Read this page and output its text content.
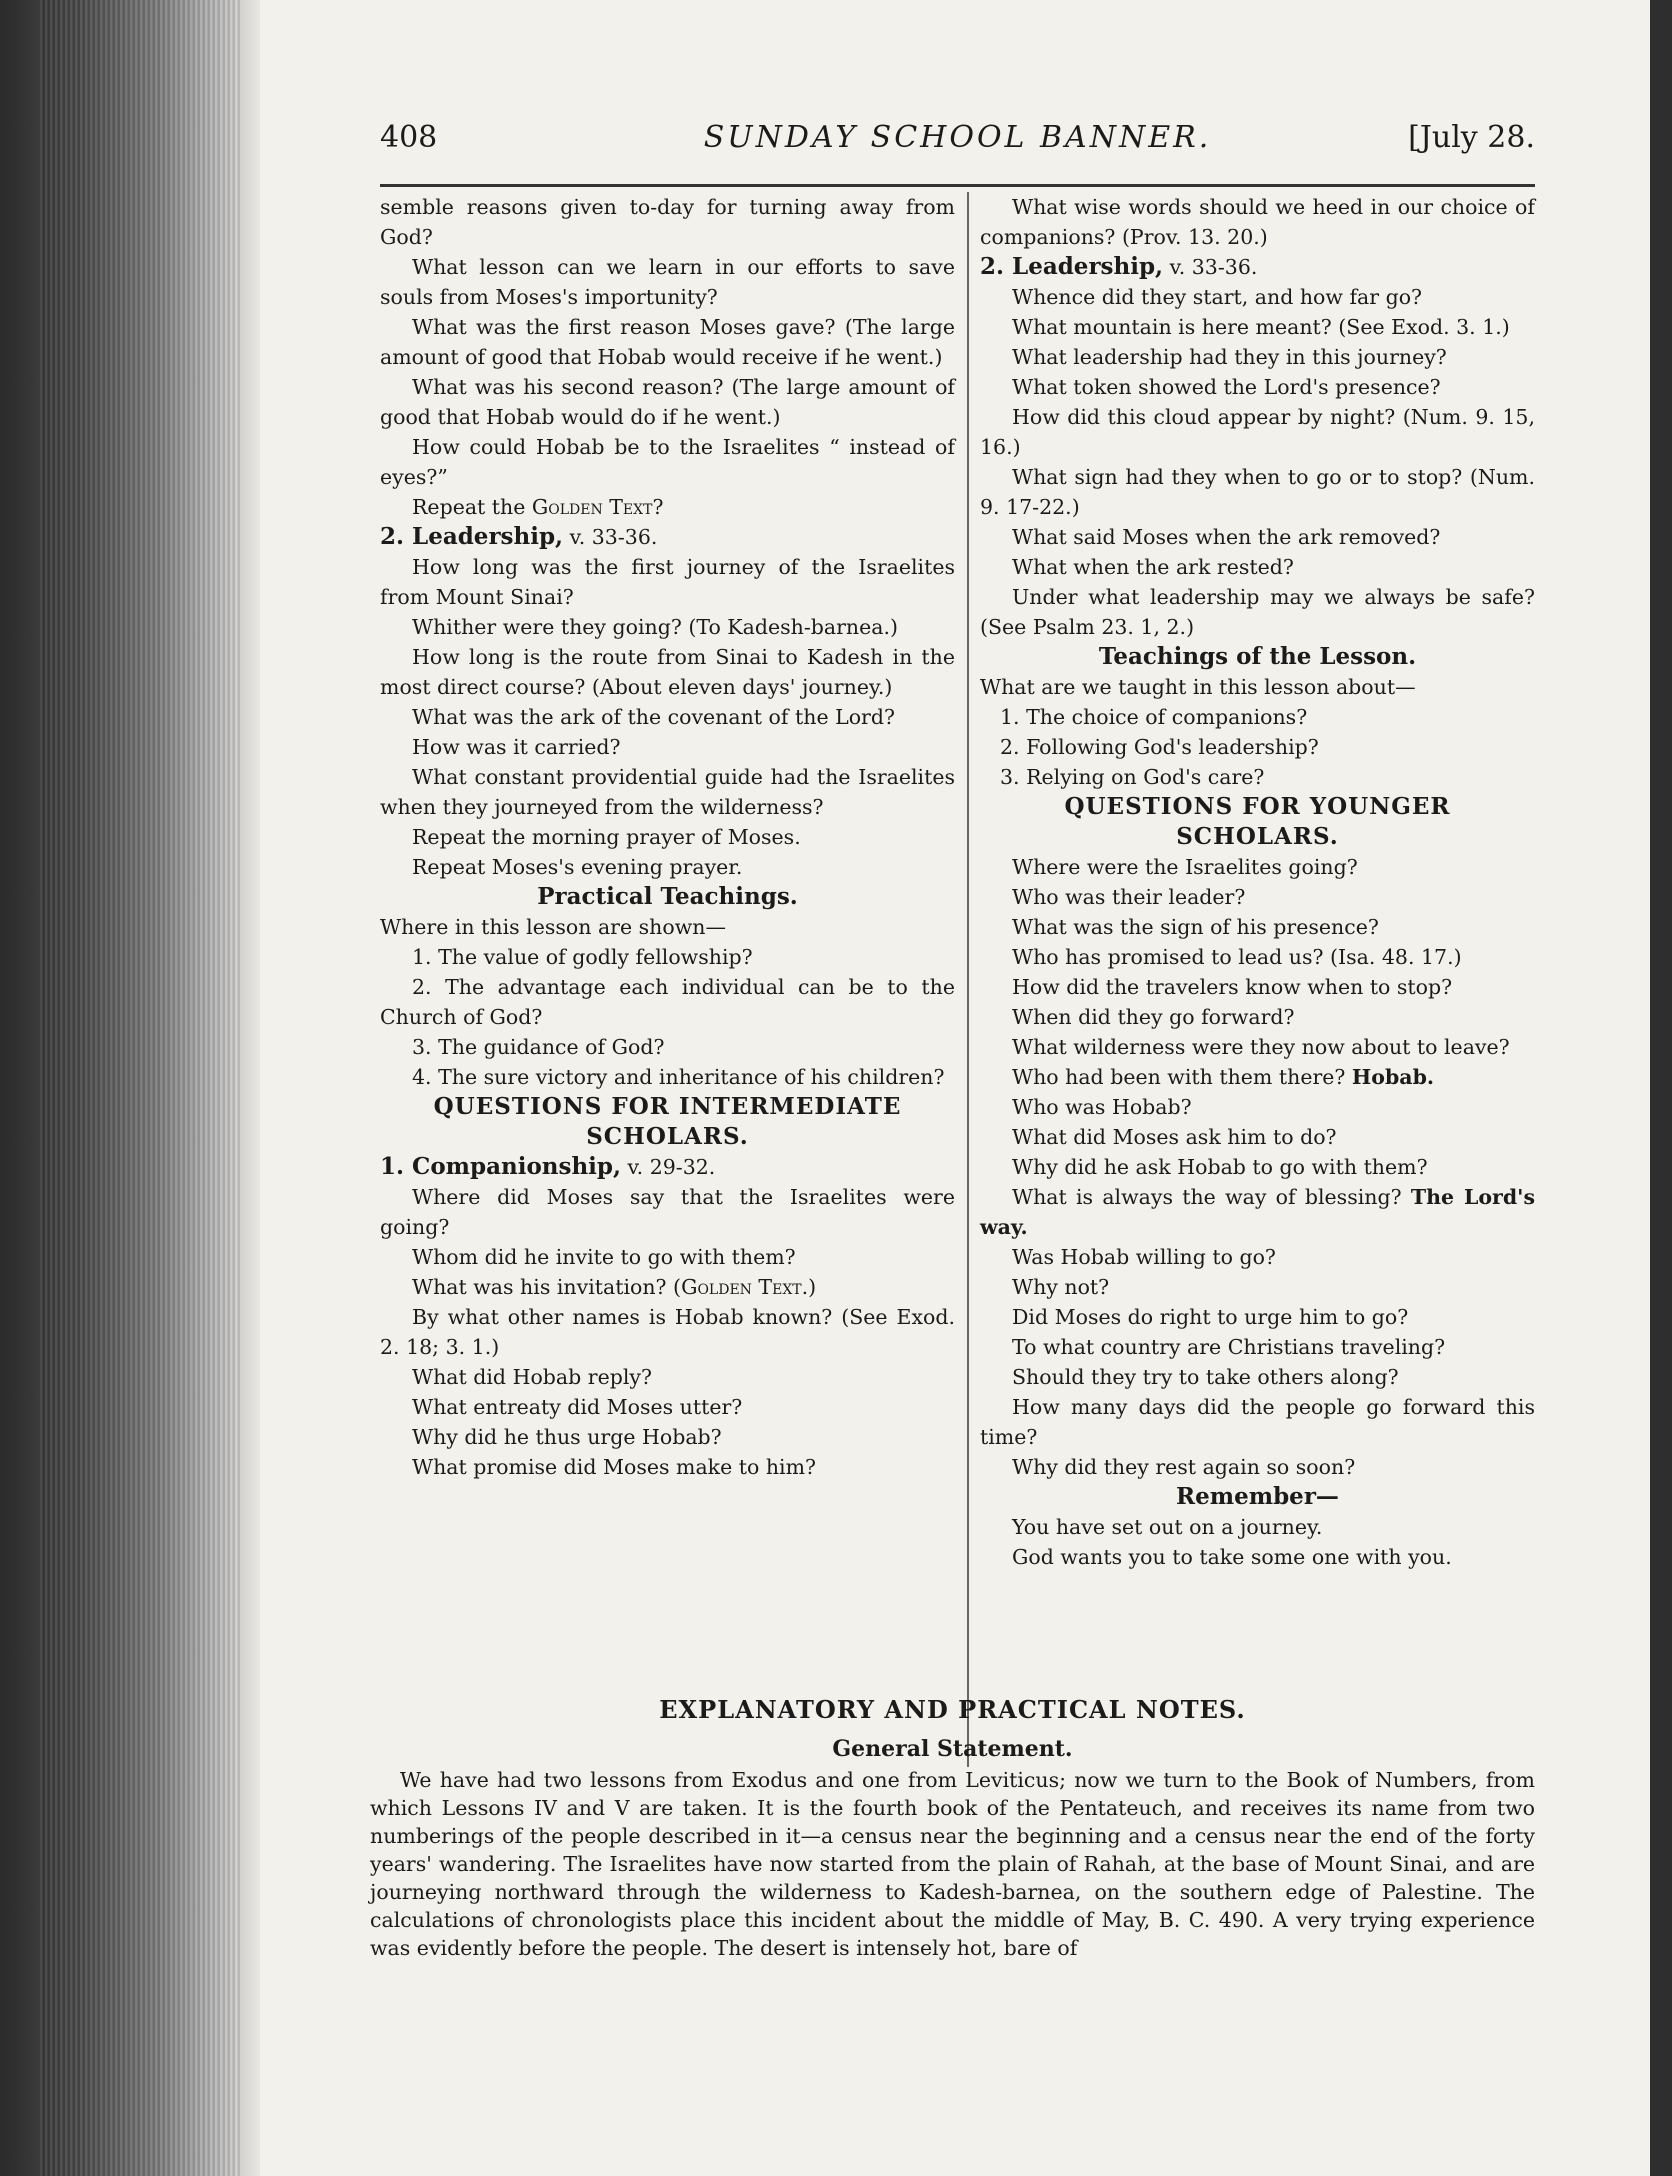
408	SUNDAY SCHOOL BANNER.	[July 28.

semble reasons given to-day for turning away from God?

What lesson can we learn in our efforts to save souls from Moses's importunity?

What was the first reason Moses gave? (The large amount of good that Hobab would receive if he went.)

What was his second reason? (The large amount of good that Hobab would do if he went.)

How could Hobab be to the Israelites “ instead of eyes?”

Repeat the Golden Text?

2. Leadership, v. 33-36.

How long was the first journey of the Israelites from Mount Sinai?

Whither were they going? (To Kadesh-barnea.)

How long is the route from Sinai to Kadesh in the most direct course? (About eleven days' journey.)

What was the ark of the covenant of the Lord?

How was it carried?

What constant providential guide had the Israelites when they journeyed from the wilderness?

Repeat the morning prayer of Moses.

Repeat Moses's evening prayer.

Practical Teachings.

Where in this lesson are shown—

1. The value of godly fellowship?

2. The advantage each individual can be to the Church of God?

3. The guidance of God?

4. The sure victory and inheritance of his children?

QUESTIONS FOR INTERMEDIATE SCHOLARS.

1. Companionship, v. 29-32.

Where did Moses say that the Israelites were going?

Whom did he invite to go with them?

What was his invitation? (Golden Text.)

By what other names is Hobab known? (See Exod. 2. 18; 3. 1.)

What did Hobab reply?

What entreaty did Moses utter?

Why did he thus urge Hobab?

What promise did Moses make to him?

What wise words should we heed in our choice of companions? (Prov. 13. 20.)

2. Leadership, v. 33-36.

Whence did they start, and how far go?

What mountain is here meant? (See Exod. 3. 1.)

What leadership had they in this journey?

What token showed the Lord's presence?

How did this cloud appear by night? (Num. 9. 15, 16.)

What sign had they when to go or to stop? (Num. 9. 17-22.)

What said Moses when the ark removed?

What when the ark rested?

Under what leadership may we always be safe? (See Psalm 23. 1, 2.)

Teachings of the Lesson.

What are we taught in this lesson about—

1. The choice of companions?

2. Following God's leadership?

3. Relying on God's care?

QUESTIONS FOR YOUNGER SCHOLARS.

Where were the Israelites going?

Who was their leader?

What was the sign of his presence?

Who has promised to lead us? (Isa. 48. 17.)

How did the travelers know when to stop?

When did they go forward?

What wilderness were they now about to leave?

Who had been with them there? Hobab.

Who was Hobab?

What did Moses ask him to do?

Why did he ask Hobab to go with them?

What is always the way of blessing? The Lord's way.

Was Hobab willing to go?

Why not?

Did Moses do right to urge him to go?

To what country are Christians traveling?

Should they try to take others along?

How many days did the people go forward this time?

Why did they rest again so soon?

Remember—

You have set out on a journey.

God wants you to take some one with you.

EXPLANATORY AND PRACTICAL NOTES.

General Statement.

We have had two lessons from Exodus and one from Leviticus; now we turn to the Book of Numbers, from which Lessons IV and V are taken. It is the fourth book of the Pentateuch, and receives its name from two numberings of the people described in it—a census near the beginning and a census near the end of the forty years' wandering. The Israelites have now started from the plain of Rahah, at the base of Mount Sinai, and are journeying northward through the wilderness to Kadesh-barnea, on the southern edge of Palestine. The calculations of chronologists place this incident about the middle of May, B. C. 490. A very trying experience was evidently before the people. The desert is intensely hot, bare of
